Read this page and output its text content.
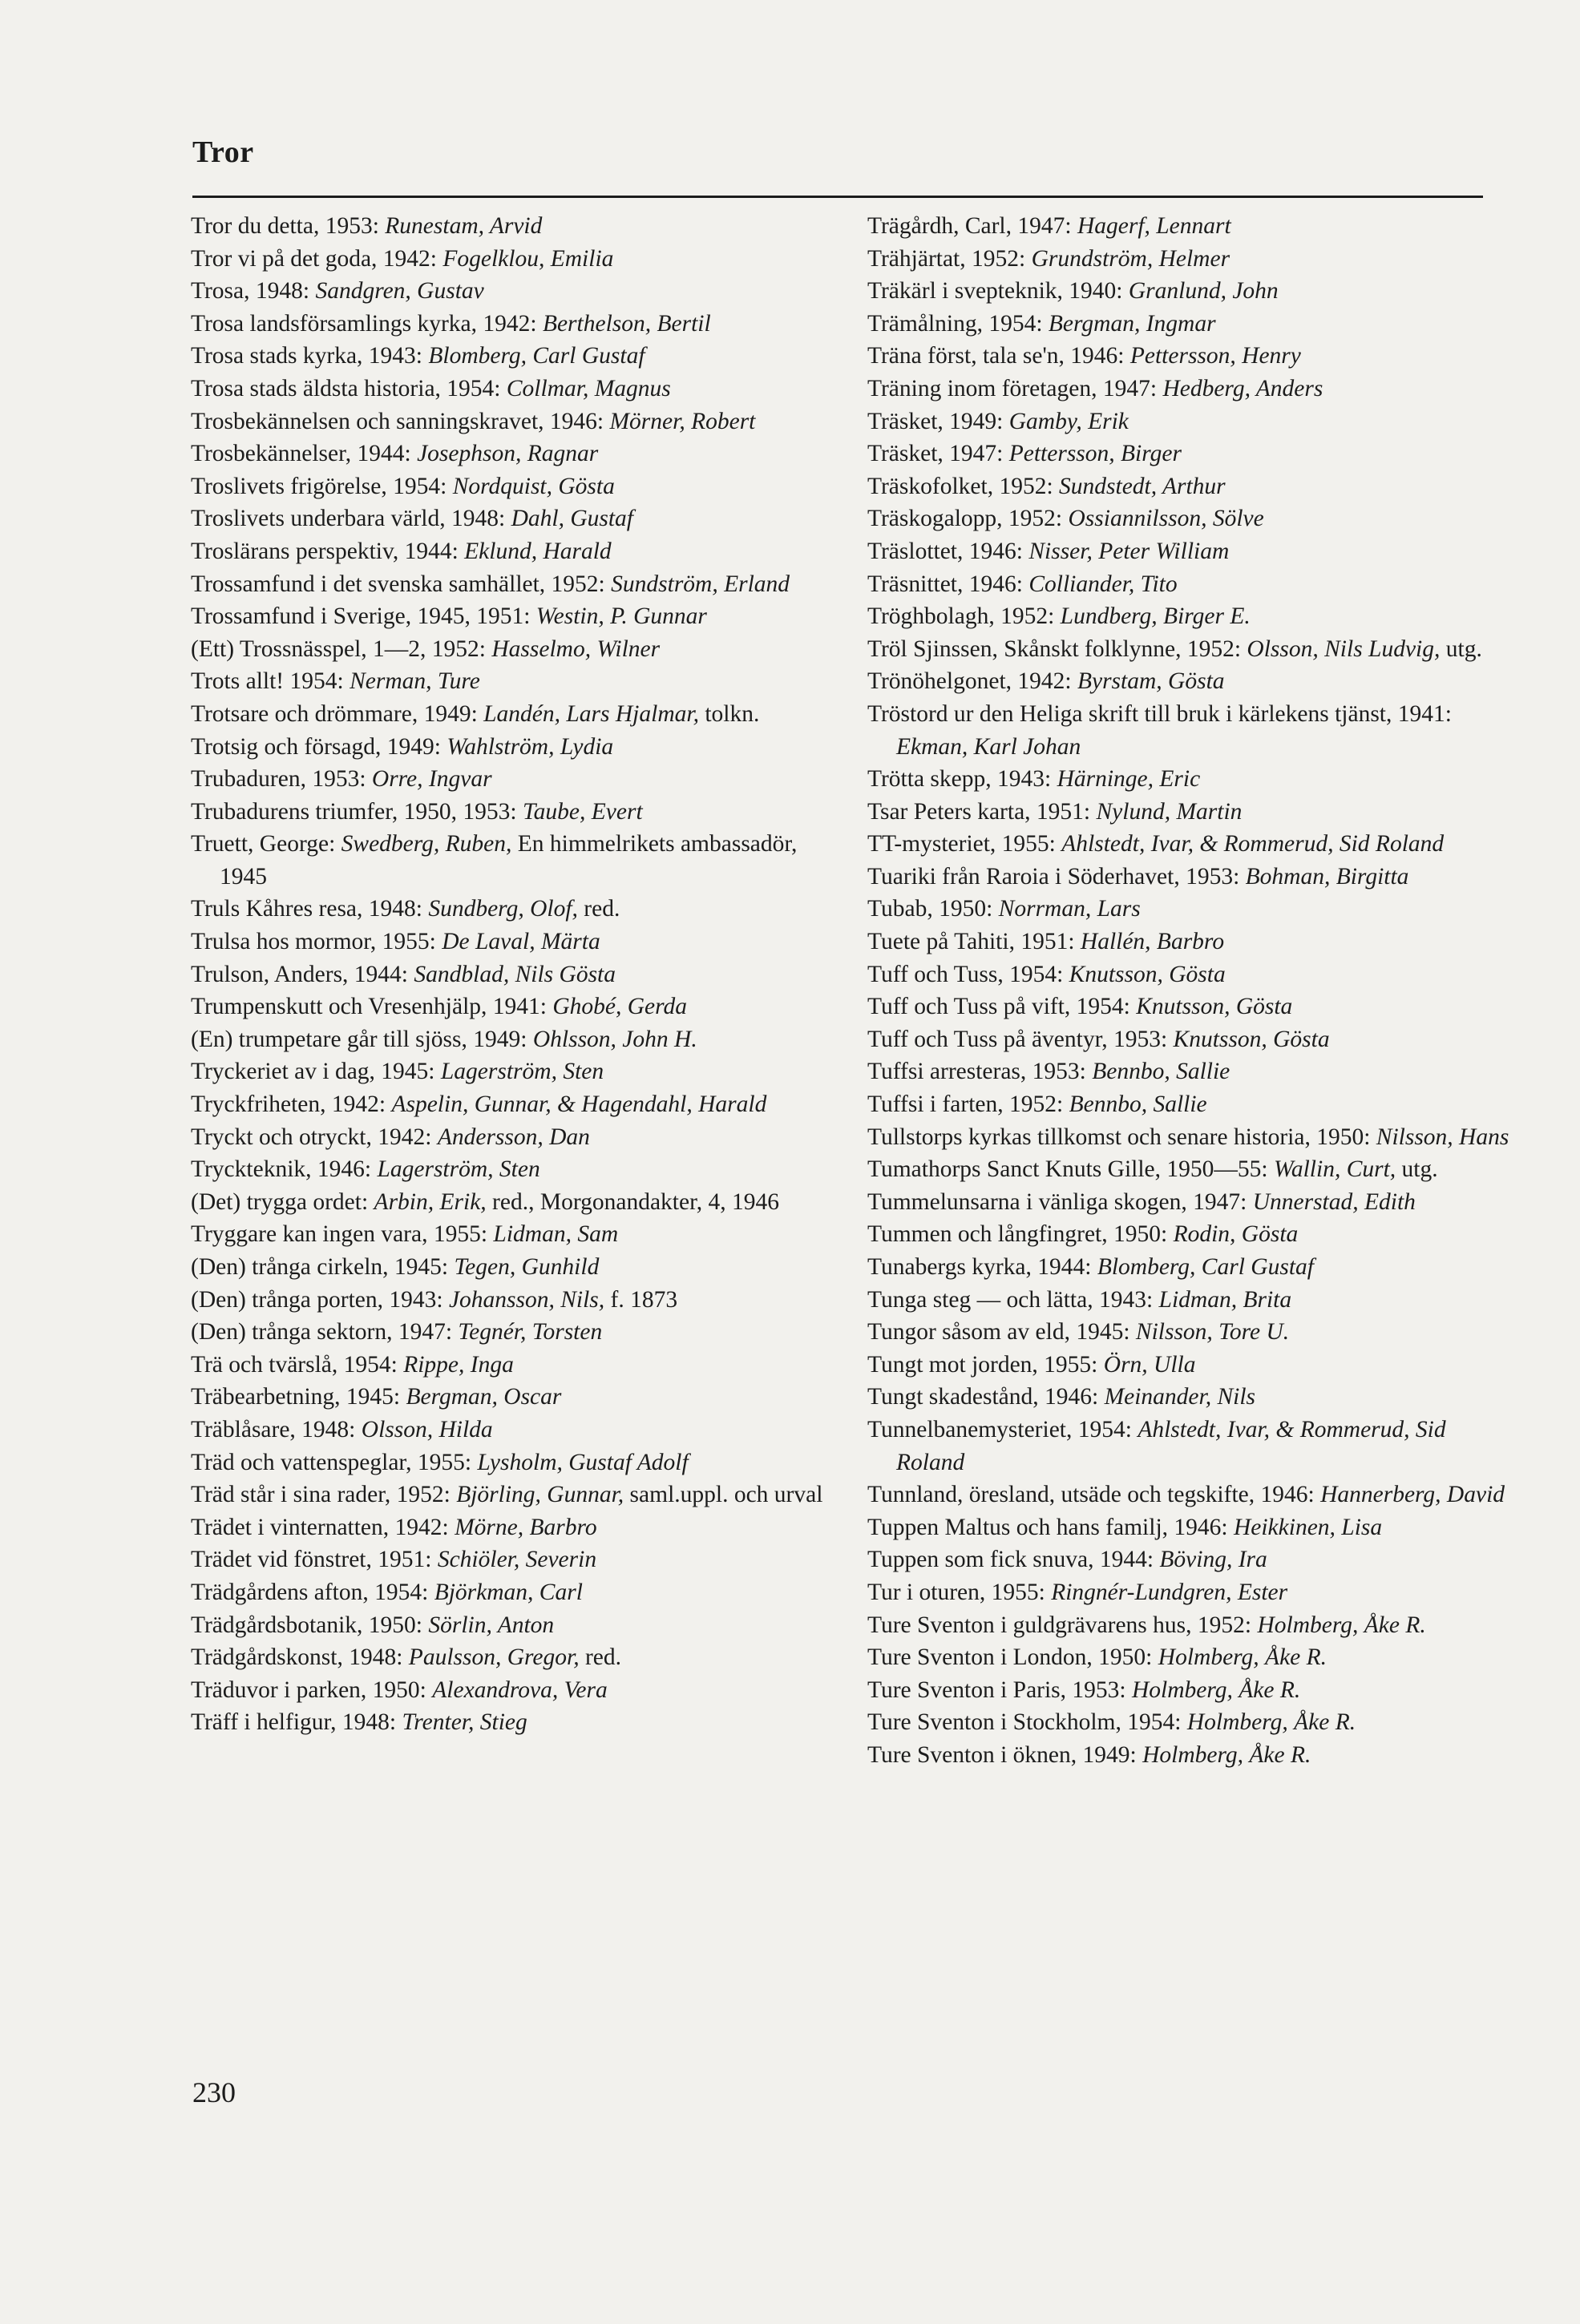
Tror
Tror du detta, 1953: Runestam, Arvid
Tror vi på det goda, 1942: Fogelklou, Emilia
Trosa, 1948: Sandgren, Gustav
Trosa landsförsamlings kyrka, 1942: Berthelson, Bertil
Trosa stads kyrka, 1943: Blomberg, Carl Gustaf
Trosa stads äldsta historia, 1954: Collmar, Magnus
Trosbekännelsen och sanningskravet, 1946: Mörner, Robert
Trosbekännelser, 1944: Josephson, Ragnar
Troslivets frigörelse, 1954: Nordquist, Gösta
Troslivets underbara värld, 1948: Dahl, Gustaf
Troslärans perspektiv, 1944: Eklund, Harald
Trossamfund i det svenska samhället, 1952: Sundström, Erland
Trossamfund i Sverige, 1945, 1951: Westin, P. Gunnar
(Ett) Trossnässpel, 1—2, 1952: Hasselmo, Wilner
Trots allt! 1954: Nerman, Ture
Trotsare och drömmare, 1949: Landén, Lars Hjalmar, tolkn.
Trotsig och försagd, 1949: Wahlström, Lydia
Trubaduren, 1953: Orre, Ingvar
Trubadurens triumfer, 1950, 1953: Taube, Evert
Truett, George: Swedberg, Ruben, En himmelrikets ambassadör, 1945
Truls Kåhres resa, 1948: Sundberg, Olof, red.
Trulsa hos mormor, 1955: De Laval, Märta
Trulson, Anders, 1944: Sandblad, Nils Gösta
Trumpenskutt och Vresenhjälp, 1941: Ghobé, Gerda
(En) trumpetare går till sjöss, 1949: Ohlsson, John H.
Tryckeriet av i dag, 1945: Lagerström, Sten
Tryckfriheten, 1942: Aspelin, Gunnar, & Hagendahl, Harald
Tryckt och otryckt, 1942: Andersson, Dan
Tryckteknik, 1946: Lagerström, Sten
(Det) trygga ordet: Arbin, Erik, red., Morgonandakter, 4, 1946
Tryggare kan ingen vara, 1955: Lidman, Sam
(Den) trånga cirkeln, 1945: Tegen, Gunhild
(Den) trånga porten, 1943: Johansson, Nils, f. 1873
(Den) trånga sektorn, 1947: Tegnér, Torsten
Trä och tvärslå, 1954: Rippe, Inga
Träbearbetning, 1945: Bergman, Oscar
Träblåsare, 1948: Olsson, Hilda
Träd och vattenspeglar, 1955: Lysholm, Gustaf Adolf
Träd står i sina rader, 1952: Björling, Gunnar, saml.uppl. och urval
Trädet i vinternatten, 1942: Mörne, Barbro
Trädet vid fönstret, 1951: Schiöler, Severin
Trädgårdens afton, 1954: Björkman, Carl
Trädgårdsbotanik, 1950: Sörlin, Anton
Trädgårdskonst, 1948: Paulsson, Gregor, red.
Träduvor i parken, 1950: Alexandrova, Vera
Träff i helfigur, 1948: Trenter, Stieg
Trägårdh, Carl, 1947: Hagerf, Lennart
Trähjärtat, 1952: Grundström, Helmer
Träkärl i svepteknik, 1940: Granlund, John
Trämålning, 1954: Bergman, Ingmar
Träna först, tala se'n, 1946: Pettersson, Henry
Träning inom företagen, 1947: Hedberg, Anders
Träsket, 1949: Gamby, Erik
Träsket, 1947: Pettersson, Birger
Träskofolket, 1952: Sundstedt, Arthur
Träskogalopp, 1952: Ossiannilsson, Sölve
Träslottet, 1946: Nisser, Peter William
Träsnittet, 1946: Colliander, Tito
Tröghbolagh, 1952: Lundberg, Birger E.
Tröl Sjinssen, Skånskt folklynne, 1952: Olsson, Nils Ludvig, utg.
Trönöhelgonet, 1942: Byrstam, Gösta
Tröstord ur den Heliga skrift till bruk i kärlekens tjänst, 1941: Ekman, Karl Johan
Trötta skepp, 1943: Härninge, Eric
Tsar Peters karta, 1951: Nylund, Martin
TT-mysteriet, 1955: Ahlstedt, Ivar, & Rommerud, Sid Roland
Tuariki från Raroia i Söderhavet, 1953: Bohman, Birgitta
Tubab, 1950: Norrman, Lars
Tuete på Tahiti, 1951: Hallén, Barbro
Tuff och Tuss, 1954: Knutsson, Gösta
Tuff och Tuss på vift, 1954: Knutsson, Gösta
Tuff och Tuss på äventyr, 1953: Knutsson, Gösta
Tuffsi arresteras, 1953: Bennbo, Sallie
Tuffsi i farten, 1952: Bennbo, Sallie
Tullstorps kyrkas tillkomst och senare historia, 1950: Nilsson, Hans
Tumathorps Sanct Knuts Gille, 1950—55: Wallin, Curt, utg.
Tummelunsarna i vänliga skogen, 1947: Unnerstad, Edith
Tummen och långfingret, 1950: Rodin, Gösta
Tunabergs kyrka, 1944: Blomberg, Carl Gustaf
Tunga steg — och lätta, 1943: Lidman, Brita
Tungor såsom av eld, 1945: Nilsson, Tore U.
Tungt mot jorden, 1955: Örn, Ulla
Tungt skadestånd, 1946: Meinander, Nils
Tunnelbanemysteriet, 1954: Ahlstedt, Ivar, & Rommerud, Sid Roland
Tunnland, öresland, utsäde och tegskifte, 1946: Hannerberg, David
Tuppen Maltus och hans familj, 1946: Heikkinen, Lisa
Tuppen som fick snuva, 1944: Böving, Ira
Tur i oturen, 1955: Ringnér-Lundgren, Ester
Ture Sventon i guldgrävarens hus, 1952: Holmberg, Åke R.
Ture Sventon i London, 1950: Holmberg, Åke R.
Ture Sventon i Paris, 1953: Holmberg, Åke R.
Ture Sventon i Stockholm, 1954: Holmberg, Åke R.
Ture Sventon i öknen, 1949: Holmberg, Åke R.
230
